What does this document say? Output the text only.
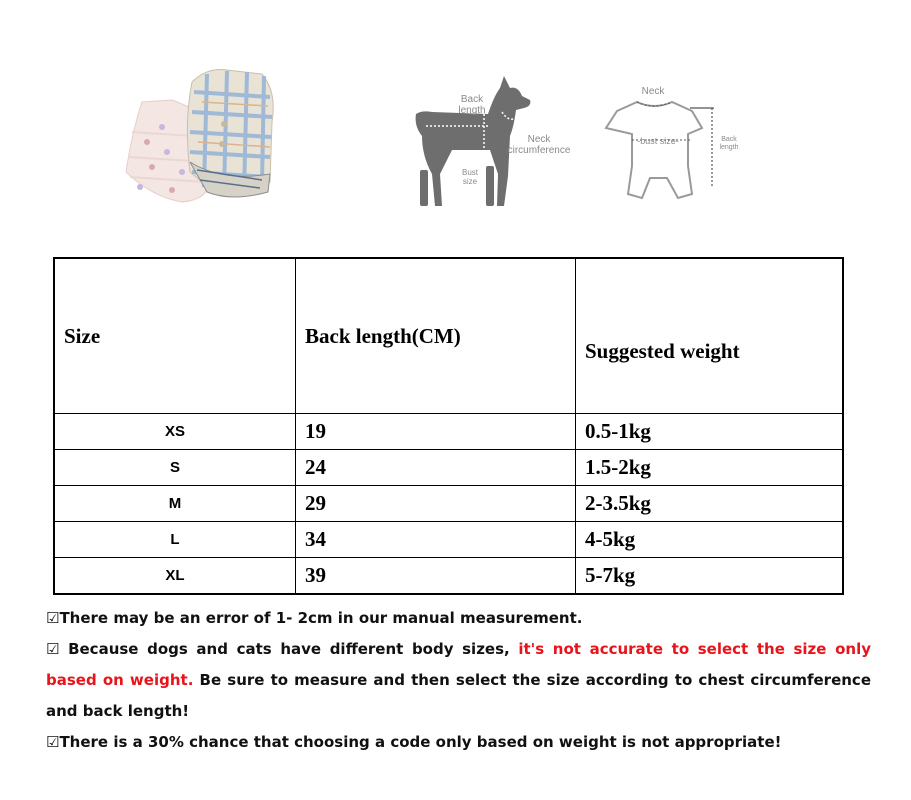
Back length
Neck circumference
Bust size
Neck
-bust size-	Back length
Size	Back length(CM)	Suggested weight
XS	19	0.5-1kg
S	24	1.5-2kg
M	29	2-3.5kg
L	34	4-5kg
XL	39	5-7kg

☑There may be an error of 1- 2cm in our manual measurement.

☑ Because dogs and cats have different body sizes, it's not accurate to select the size only based on weight. Be sure to measure and then select the size according to chest circumference and back length!

☑There is a 30% chance that choosing a code only based on weight is not appropriate!
